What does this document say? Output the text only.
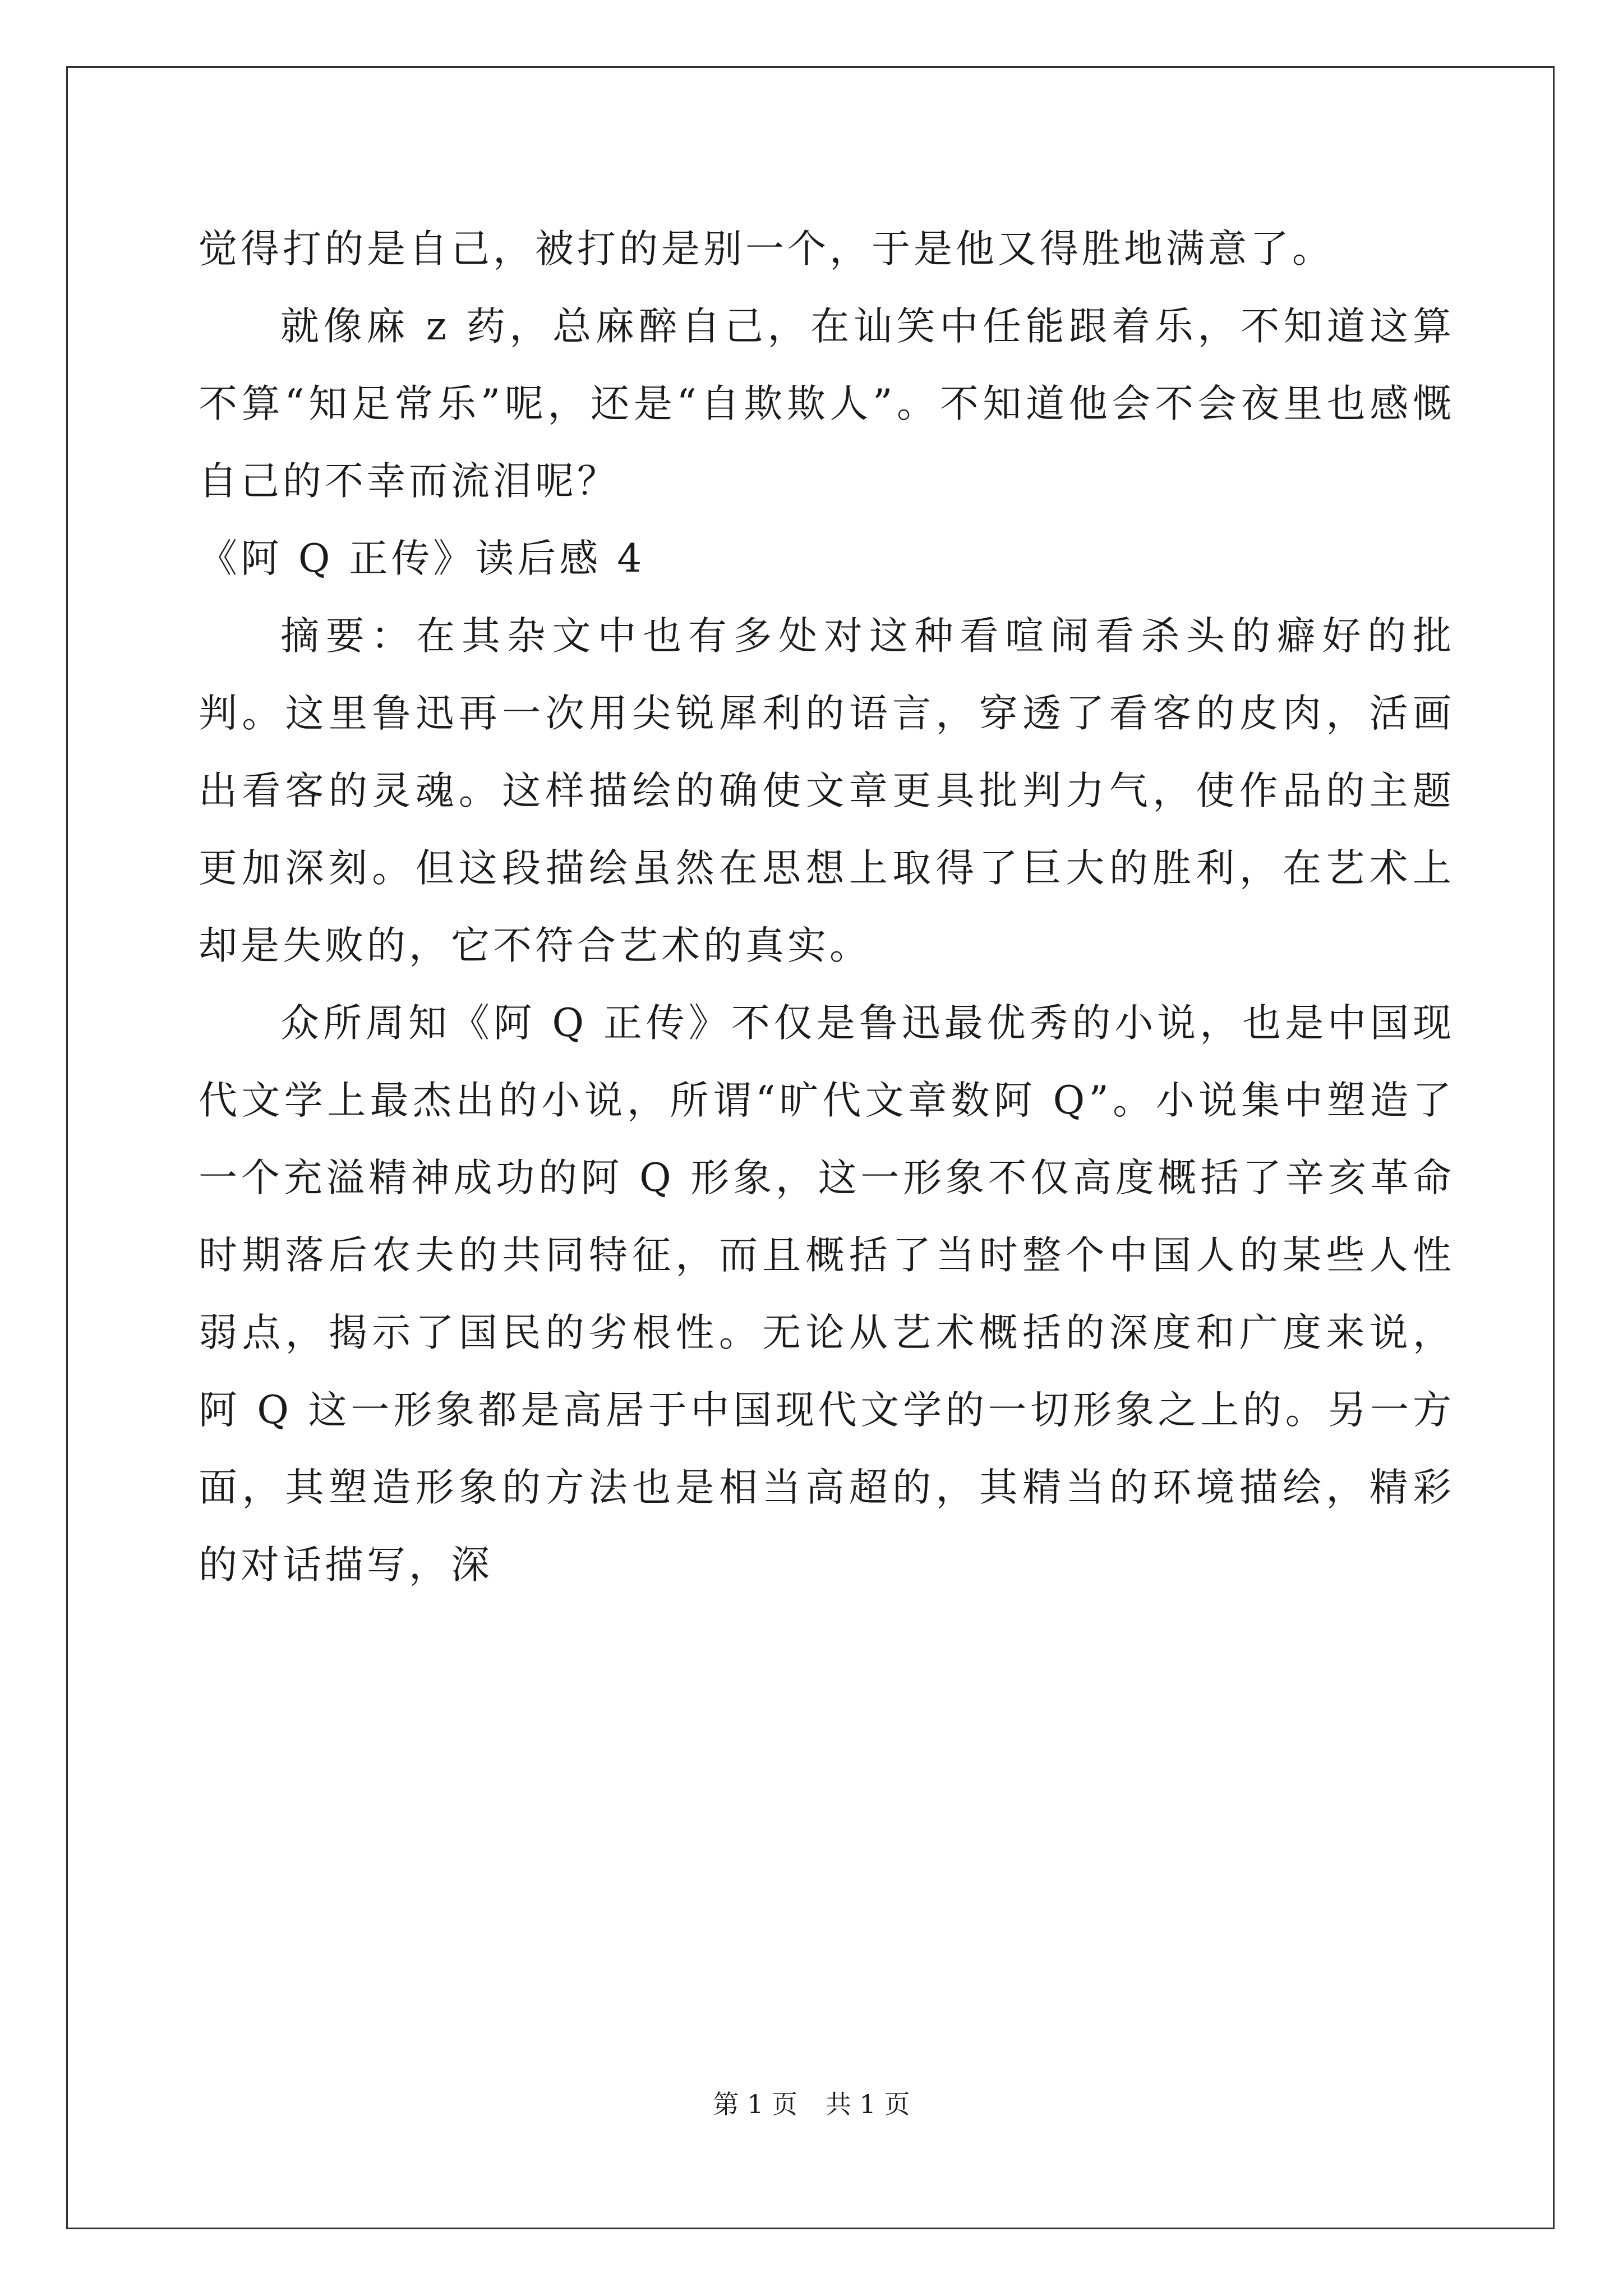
觉得打的是自己，被打的是别一个，于是他又得胜地满意了。

就像麻 z 药，总麻醉自己，在讪笑中任能跟着乐，不知道这算不算“知足常乐”呢，还是“自欺欺人”。不知道他会不会夜里也感慨自己的不幸而流泪呢？

《阿 Q 正传》读后感 4

摘要：在其杂文中也有多处对这种看喧闹看杀头的癖好的批判。这里鲁迅再一次用尖锐犀利的语言，穿透了看客的皮肉，活画出看客的灵魂。这样描绘的确使文章更具批判力气，使作品的主题更加深刻。但这段描绘虽然在思想上取得了巨大的胜利，在艺术上却是失败的，它不符合艺术的真实。

众所周知《阿 Q 正传》不仅是鲁迅最优秀的小说，也是中国现代文学上最杰出的小说，所谓“旷代文章数阿 Q”。小说集中塑造了一个充溢精神成功的阿 Q 形象，这一形象不仅高度概括了辛亥革命时期落后农夫的共同特征，而且概括了当时整个中国人的某些人性弱点，揭示了国民的劣根性。无论从艺术概括的深度和广度来说，阿 Q 这一形象都是高居于中国现代文学的一切形象之上的。另一方面，其塑造形象的方法也是相当高超的，其精当的环境描绘，精彩的对话描写，深

第 1 页 共 1 页
